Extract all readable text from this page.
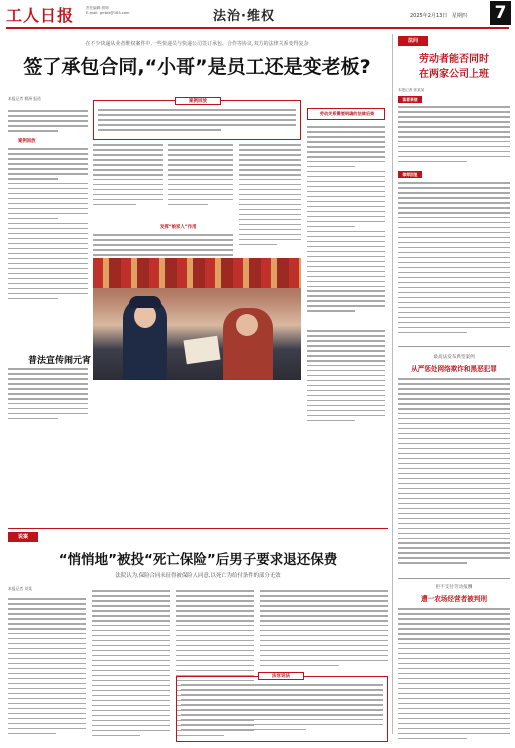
工人日报	责任编辑:蔡明
E-mail: grrbfz@163.com	法治·维权	2025年2月13日 星期四 7
在不少快递从业者维权案件中,一些快递员与快递公司签订承包、合作等协议,双方的法律关系变得复杂
签了承包合同,“小哥”是员工还是变老板?
本报记者 柳洲 报道
案例回放
案例回放
发挥“娘家人”作用
劳动关系需要明确的法律后果
普法宣传闹元宵
法问
劳动者能否同时
在两家公司上班
本报记者 张某某
读者来信
律师回复
最高法发布典型案例
从严惩处网络欺诈和黑恶犯罪
拒不支付劳动报酬
遭一农场经营者被判刑
说案
“悄悄地”被投“死亡保险”后男子要求退还保费
法院认为,保险合同未征得被保险人同意,以死亡为给付条件的部分无效
本报记者 刘某
法官说法
